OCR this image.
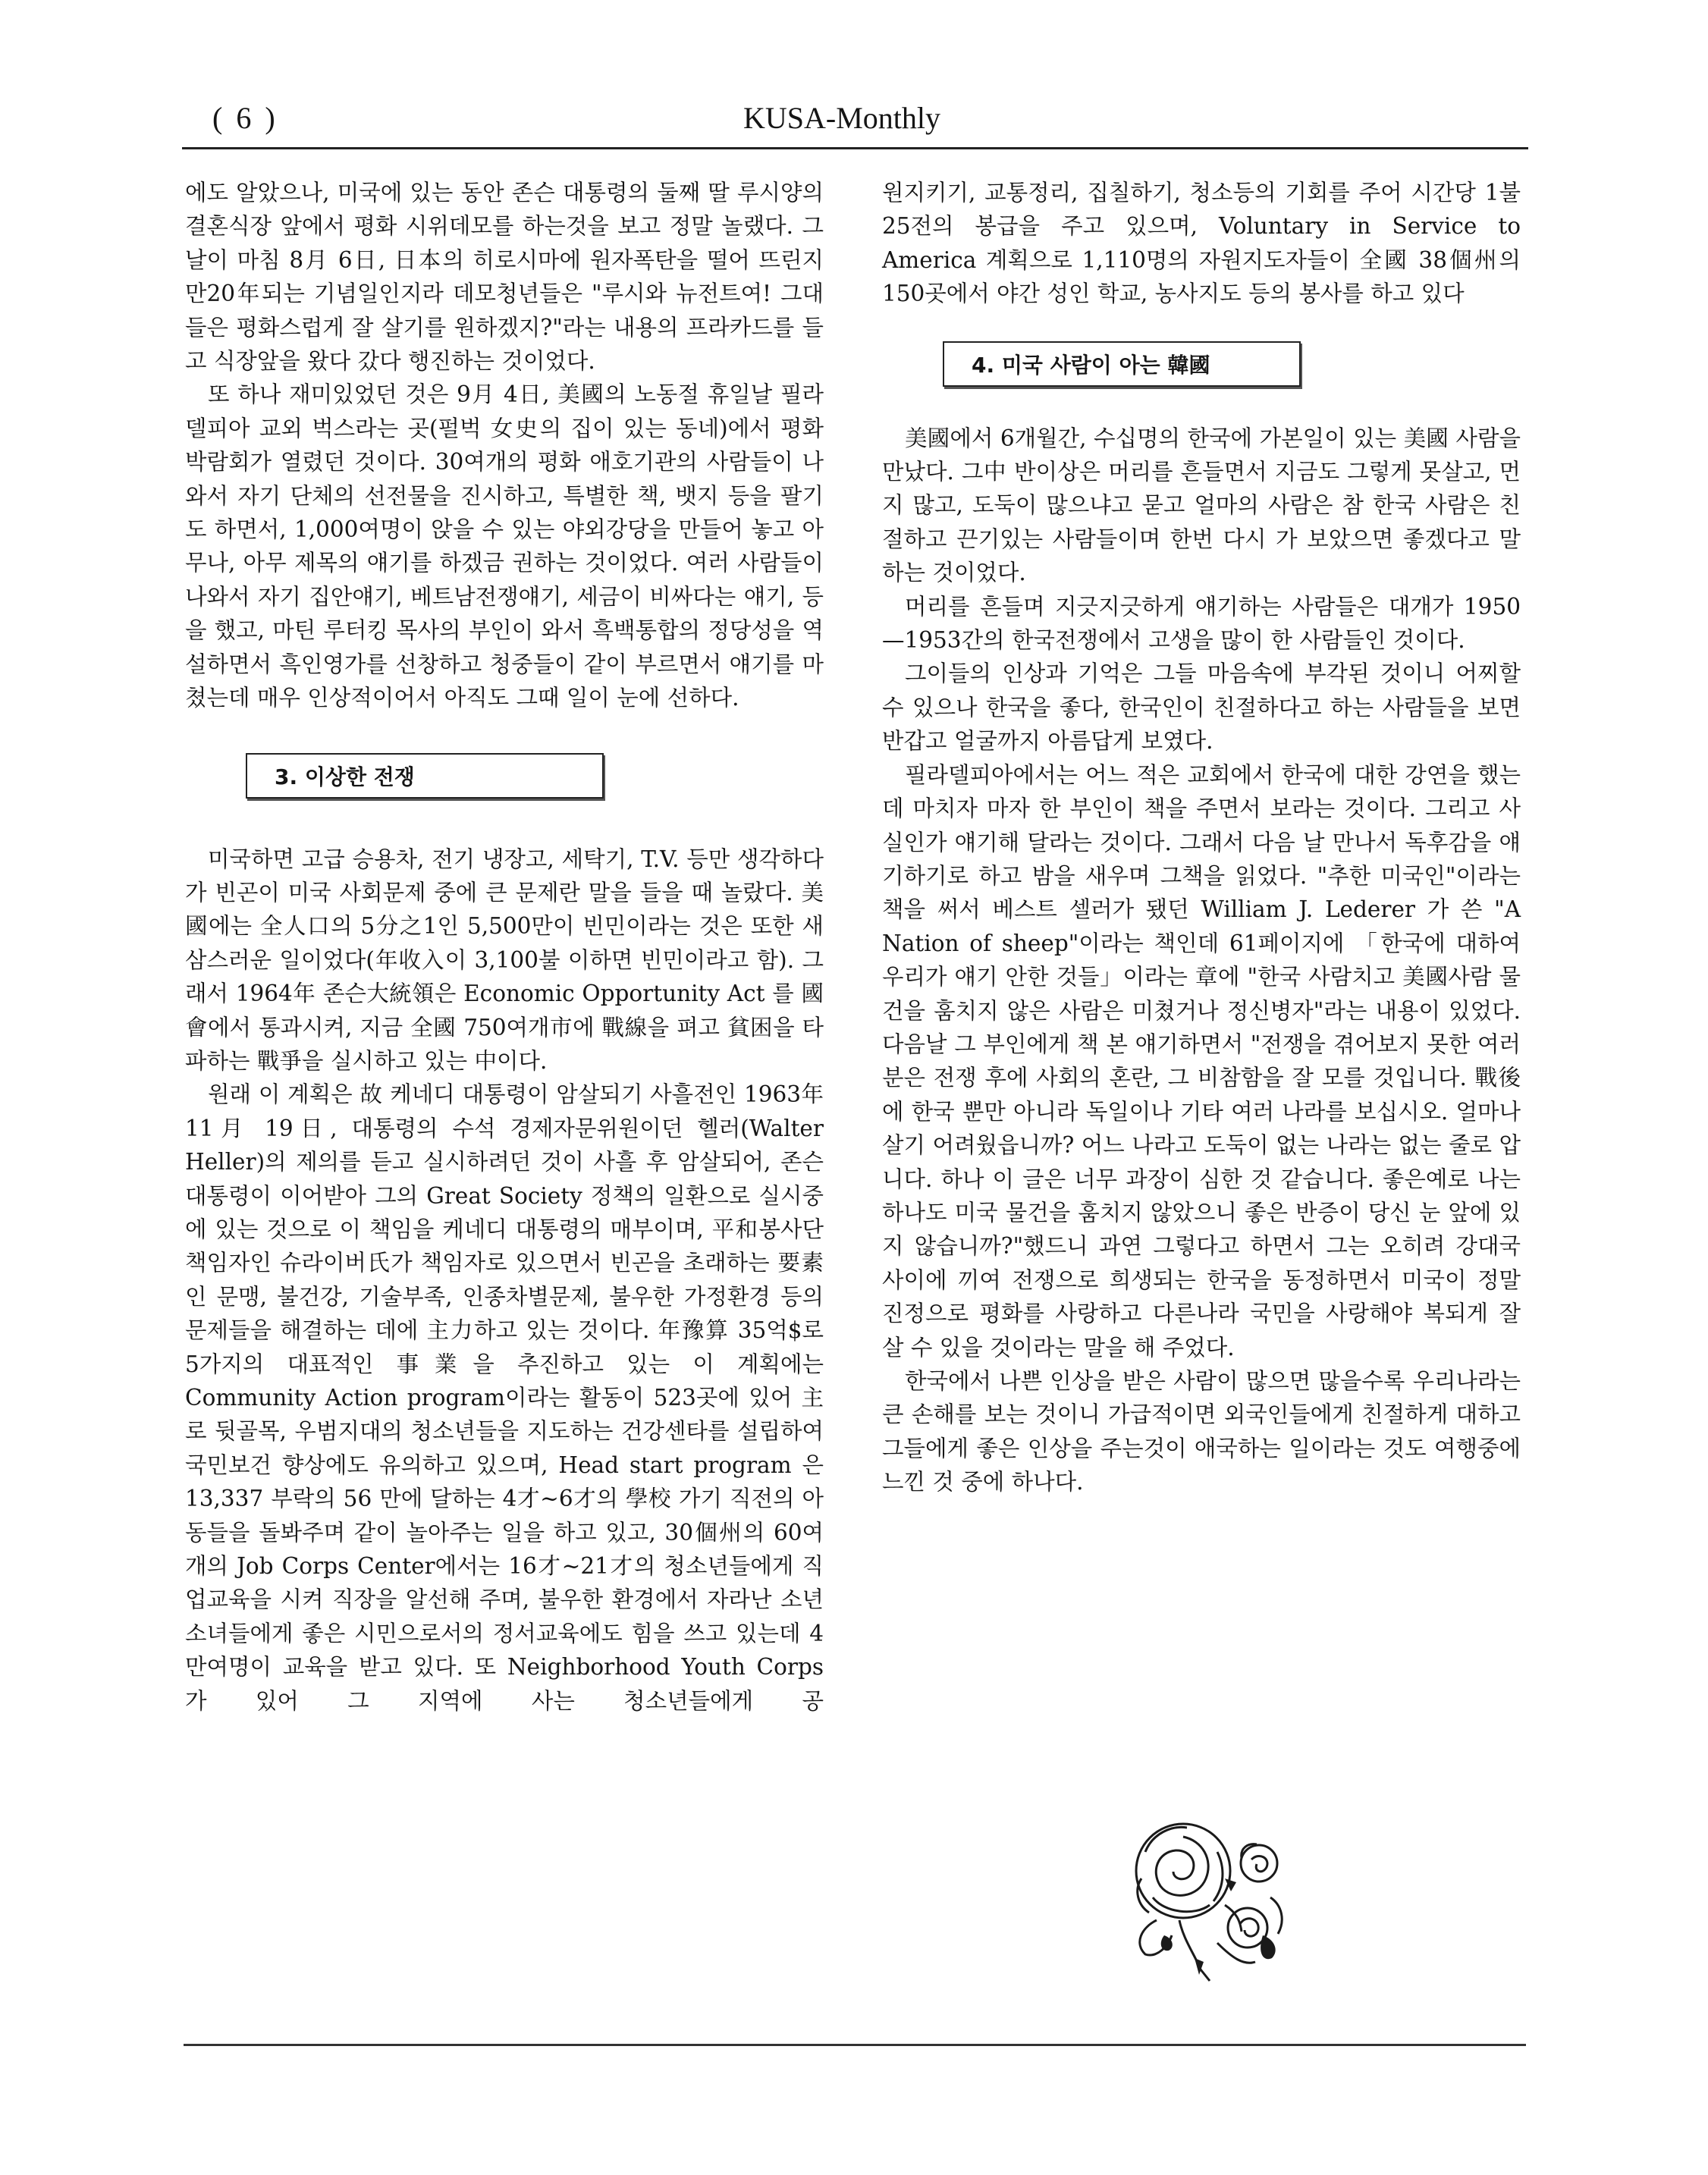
( 6 )	KUSA-Monthly

에도 알았으나, 미국에 있는 동안 존슨 대통령의 둘째 딸 루시양의 결혼식장 앞에서 평화 시위데모를 하는것을 보고 정말 놀랬다. 그날이 마침 8月 6日, 日本의 히로시마에 원자폭탄을 떨어 뜨린지 만20年되는 기념일인지라 데모청년들은 "루시와 뉴전트여! 그대들은 평화스럽게 잘 살기를 원하겠지?"라는 내용의 프라카드를 들고 식장앞을 왔다 갔다 행진하는 것이었다.

또 하나 재미있었던 것은 9月 4日, 美國의 노동절 휴일날 필라델피아 교외 벅스라는 곳(펄벅 女史의 집이 있는 동네)에서 평화 박람회가 열렸던 것이다. 30여개의 평화 애호기관의 사람들이 나와서 자기 단체의 선전물을 진시하고, 특별한 책, 뱃지 등을 팔기도 하면서, 1,000여명이 앉을 수 있는 야외강당을 만들어 놓고 아무나, 아무 제목의 얘기를 하겠금 권하는 것이었다. 여러 사람들이 나와서 자기 집안얘기, 베트남전쟁얘기, 세금이 비싸다는 얘기, 등을 했고, 마틴 루터킹 목사의 부인이 와서 흑백통합의 정당성을 역설하면서 흑인영가를 선창하고 청중들이 같이 부르면서 얘기를 마쳤는데 매우 인상적이어서 아직도 그때 일이 눈에 선하다.

3. 이상한 전쟁

미국하면 고급 승용차, 전기 냉장고, 세탁기, T.V. 등만 생각하다가 빈곤이 미국 사회문제 중에 큰 문제란 말을 들을 때 놀랐다. 美國에는 全人口의 5分之1인 5,500만이 빈민이라는 것은 또한 새삼스러운 일이었다(年收入이 3,100불 이하면 빈민이라고 함). 그래서 1964年 존슨大統領은 Economic Opportunity Act 를 國會에서 통과시켜, 지금 全國 750여개市에 戰線을 펴고 貧困을 타파하는 戰爭을 실시하고 있는 中이다.

원래 이 계획은 故 케네디 대통령이 암살되기 사흘전인 1963年 11月 19日, 대통령의 수석 경제자문위원이던 헬러(Walter Heller)의 제의를 듣고 실시하려던 것이 사흘 후 암살되어, 존슨 대통령이 이어받아 그의 Great Society 정책의 일환으로 실시중에 있는 것으로 이 책임을 케네디 대통령의 매부이며, 平和봉사단 책임자인 슈라이버氏가 책임자로 있으면서 빈곤을 초래하는 要素인 문맹, 불건강, 기술부족, 인종차별문제, 불우한 가정환경 등의 문제들을 해결하는 데에 主力하고 있는 것이다. 年豫算 35억$로 5가지의 대표적인 事業을 추진하고 있는 이 계획에는 Community Action program이라는 활동이 523곳에 있어 主로 뒷골목, 우범지대의 청소년들을 지도하는 건강센타를 설립하여 국민보건 향상에도 유의하고 있으며, Head start program 은 13,337 부락의 56 만에 달하는 4才~6才의 學校 가기 직전의 아동들을 돌봐주며 같이 놀아주는 일을 하고 있고, 30個州의 60여개의 Job Corps Center에서는 16才~21才의 청소년들에게 직업교육을 시켜 직장을 알선해 주며, 불우한 환경에서 자라난 소년소녀들에게 좋은 시민으로서의 정서교육에도 힘을 쓰고 있는데 4만여명이 교육을 받고 있다. 또 Neighborhood Youth Corps 가 있어 그 지역에 사는 청소년들에게 공

원지키기, 교통정리, 집칠하기, 청소등의 기회를 주어 시간당 1불25전의 봉급을 주고 있으며, Voluntary in Service to America 계획으로 1,110명의 자원지도자들이 全國 38個州의 150곳에서 야간 성인 학교, 농사지도 등의 봉사를 하고 있다

4. 미국 사람이 아는 韓國

美國에서 6개월간, 수십명의 한국에 가본일이 있는 美國 사람을 만났다. 그中 반이상은 머리를 흔들면서 지금도 그렇게 못살고, 먼지 많고, 도둑이 많으냐고 묻고 얼마의 사람은 참 한국 사람은 친절하고 끈기있는 사람들이며 한번 다시 가 보았으면 좋겠다고 말하는 것이었다.

머리를 흔들며 지긋지긋하게 얘기하는 사람들은 대개가 1950—1953간의 한국전쟁에서 고생을 많이 한 사람들인 것이다.

그이들의 인상과 기억은 그들 마음속에 부각된 것이니 어찌할 수 있으나 한국을 좋다, 한국인이 친절하다고 하는 사람들을 보면 반갑고 얼굴까지 아름답게 보였다.

필라델피아에서는 어느 적은 교회에서 한국에 대한 강연을 했는데 마치자 마자 한 부인이 책을 주면서 보라는 것이다. 그리고 사실인가 얘기해 달라는 것이다. 그래서 다음 날 만나서 독후감을 얘기하기로 하고 밤을 새우며 그책을 읽었다. "추한 미국인"이라는 책을 써서 베스트 셀러가 됐던 William J. Lederer 가 쓴 "A Nation of sheep"이라는 책인데 61페이지에 「한국에 대하여 우리가 얘기 안한 것들」이라는 章에 "한국 사람치고 美國사람 물건을 훔치지 않은 사람은 미쳤거나 정신병자"라는 내용이 있었다. 다음날 그 부인에게 책 본 얘기하면서 "전쟁을 겪어보지 못한 여러분은 전쟁 후에 사회의 혼란, 그 비참함을 잘 모를 것입니다. 戰後에 한국 뿐만 아니라 독일이나 기타 여러 나라를 보십시오. 얼마나 살기 어려웠읍니까? 어느 나라고 도둑이 없는 나라는 없는 줄로 압니다. 하나 이 글은 너무 과장이 심한 것 같습니다. 좋은예로 나는 하나도 미국 물건을 훔치지 않았으니 좋은 반증이 당신 눈 앞에 있지 않습니까?"했드니 과연 그렇다고 하면서 그는 오히려 강대국 사이에 끼여 전쟁으로 희생되는 한국을 동정하면서 미국이 정말 진정으로 평화를 사랑하고 다른나라 국민을 사랑해야 복되게 잘 살 수 있을 것이라는 말을 해 주었다.

한국에서 나쁜 인상을 받은 사람이 많으면 많을수록 우리나라는 큰 손해를 보는 것이니 가급적이면 외국인들에게 친절하게 대하고 그들에게 좋은 인상을 주는것이 애국하는 일이라는 것도 여행중에 느낀 것 중에 하나다.
